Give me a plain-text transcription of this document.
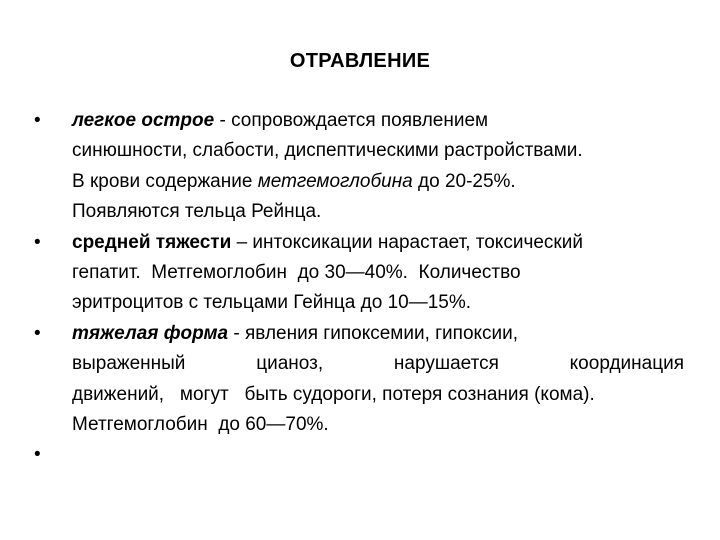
ОТРАВЛЕНИЕ
•	легкое острое - сопровождается появлением
синюшности, слабости, диспептическими растройствами.
В крови содержание метгемоглобина до 20-25%.
Появляются тельца Рейнца.
•	средней тяжести – интоксикации нарастает, токсический
гепатит.  Метгемоглобин  до 30—40%.  Количество
эритроцитов с тельцами Гейнца до 10—15%.
•	тяжелая форма - явления гипоксемии, гипоксии,
выраженный	цианоз,	нарушается	координация
движений,   могут   быть судороги, потеря сознания (кома).
Метгемоглобин  до 60—70%.
•
